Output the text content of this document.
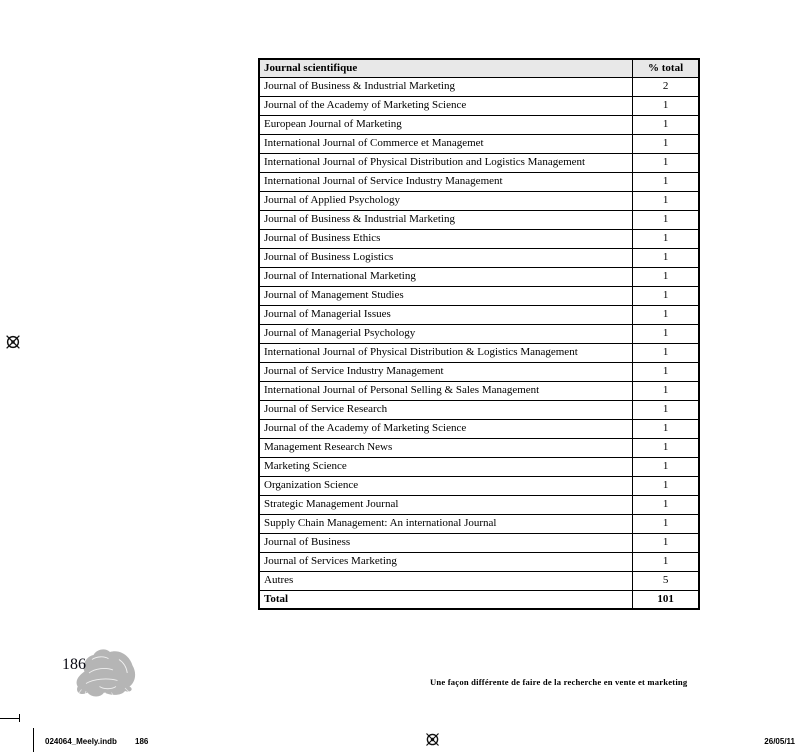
Journal scientifique	% total
Journal of Business & Industrial Marketing	2
Journal of the Academy of Marketing Science	1
European Journal of Marketing	1
International Journal of Commerce et Managemet	1
International Journal of Physical Distribution and Logistics Management	1
International Journal of Service Industry Management	1
Journal of Applied Psychology	1
Journal of Business & Industrial Marketing	1
Journal of Business Ethics	1
Journal of Business Logistics	1
Journal of International Marketing	1
Journal of Management Studies	1
Journal of Managerial Issues	1
Journal of Managerial Psychology	1
International Journal of Physical Distribution & Logistics Management	1
Journal of Service Industry Management	1
International Journal of Personal Selling & Sales Management	1
Journal of Service Research	1
Journal of the Academy of Marketing Science	1
Management Research News	1
Marketing Science	1
Organization Science	1
Strategic Management Journal	1
Supply Chain Management: An international Journal	1
Journal of Business	1
Journal of Services Marketing	1
Autres	5
Total	101
186
Une façon différente de faire de la recherche en vente et marketing
024064_Meely.indb 186	26/05/11
